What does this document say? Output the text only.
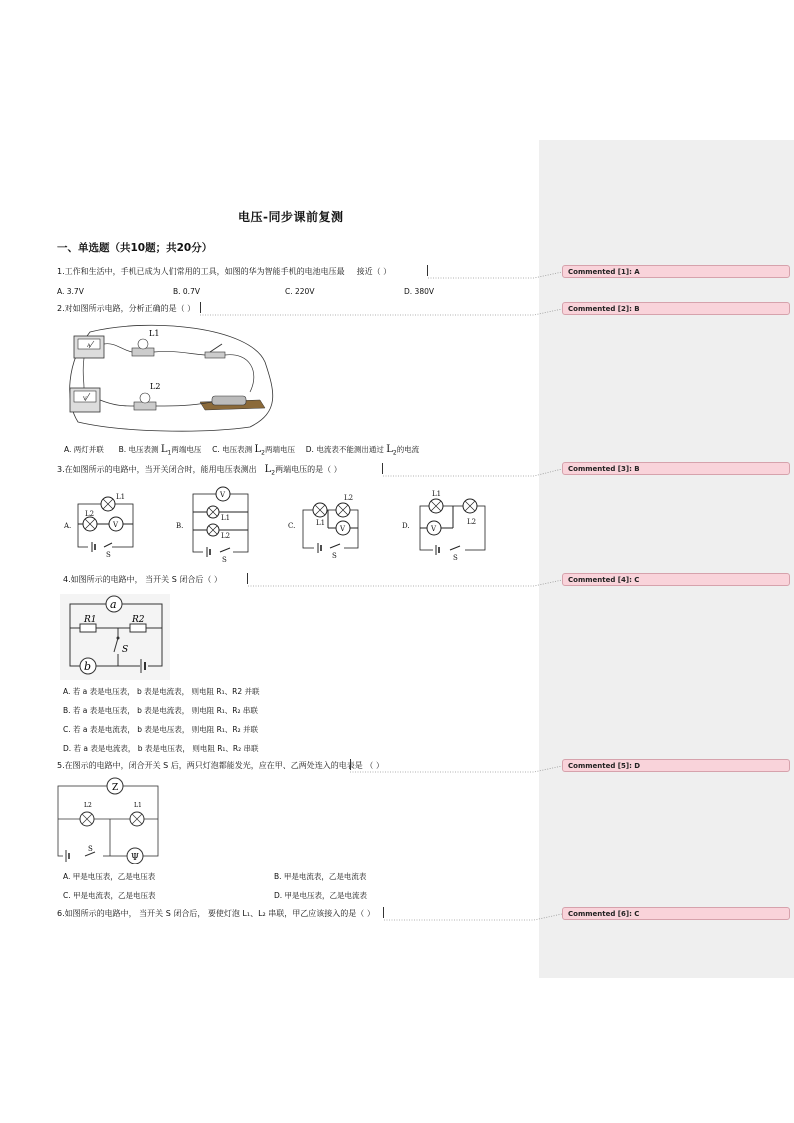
Commented [1]: A
Commented [2]: B
Commented [3]: B
Commented [4]: C
Commented [5]: D
Commented [6]: C
电压-同步课前复测
一、单选题（共10题；共20分）
1.工作和生活中，手机已成为人们常用的工具，如图的华为智能手机的电池电压最 接近（ ）
A. 3.7V	B. 0.7V	C. 220V	D. 380V
2.对如图所示电路，分析正确的是（ ）
A
V
L1
L2
A. 两灯并联 B. 电压表测 $L_1$两端电压 C. 电压表测 $L_2$两端电压 D. 电流表不能测出通过 $L_2$的电流
3.在如图所示的电路中，当开关闭合时，能用电压表测出 $L_2$两端电压的是（ ）
A.
L1
L2
V
S
B.
V
L1
L2
S
C.
L2
L1
V
S
D.
L1
L2
V
S
4.如图所示的电路中， 当开关 S 闭合后（ ）
a
R1	R2
S
b
A. 若 a 表是电压表， b 表是电流表， 则电阻 R₁、R2 并联
B. 若 a 表是电压表， b 表是电流表， 则电阻 R₁、R₂ 串联
C. 若 a 表是电流表， b 表是电压表， 则电阻 R₁、R₂ 并联
D. 若 a 表是电流表， b 表是电压表， 则电阻 R₁、R₂ 串联
5.在图示的电路中，闭合开关 S 后，两只灯泡都能发光，应在甲、乙两处连入的电表是 （ ）
Z
L2	L1
S
Ψ
A. 甲是电压表，乙是电压表	B. 甲是电流表，乙是电流表
C. 甲是电流表，乙是电压表	D. 甲是电压表，乙是电流表
6.如图所示的电路中， 当开关 S 闭合后， 要使灯泡 L₁、L₂ 串联，甲乙应该接入的是（ ）
